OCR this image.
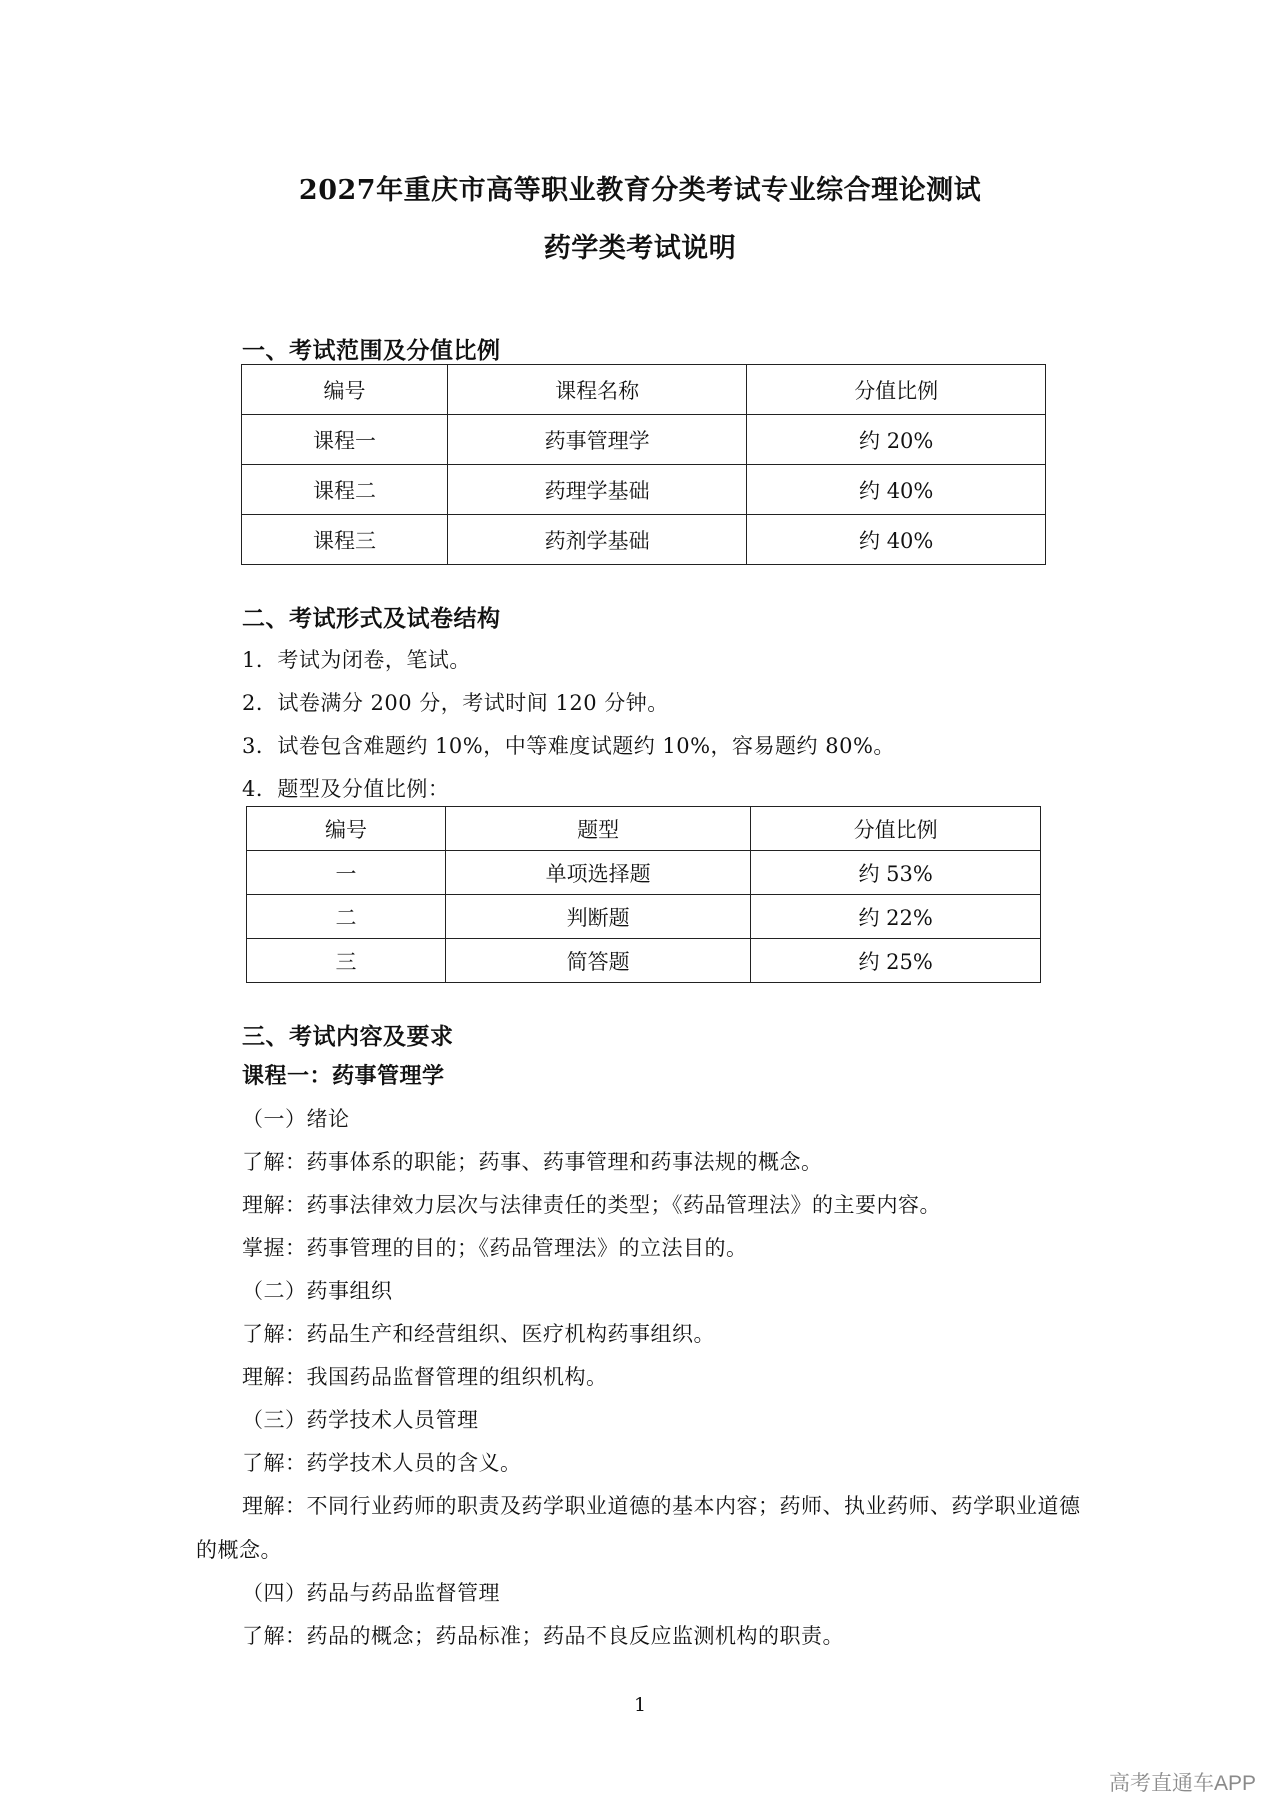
2027年重庆市高等职业教育分类考试专业综合理论测试
药学类考试说明
一、考试范围及分值比例
编号	课程名称	分值比例
课程一	药事管理学	约 20%
课程二	药理学基础	约 40%
课程三	药剂学基础	约 40%
二、考试形式及试卷结构
1．考试为闭卷，笔试。
2．试卷满分 200 分，考试时间 120 分钟。
3．试卷包含难题约 10%，中等难度试题约 10%，容易题约 80%。
4．题型及分值比例：
编号	题型	分值比例
一	单项选择题	约 53%
二	判断题	约 22%
三	简答题	约 25%
三、考试内容及要求
课程一：药事管理学
（一）绪论
了解：药事体系的职能；药事、药事管理和药事法规的概念。
理解：药事法律效力层次与法律责任的类型；《药品管理法》的主要内容。
掌握：药事管理的目的；《药品管理法》的立法目的。
（二）药事组织
了解：药品生产和经营组织、医疗机构药事组织。
理解：我国药品监督管理的组织机构。
（三）药学技术人员管理
了解：药学技术人员的含义。
理解：不同行业药师的职责及药学职业道德的基本内容；药师、执业药师、药学职业道德的概念。
（四）药品与药品监督管理
了解：药品的概念；药品标准；药品不良反应监测机构的职责。
1
高考直通车APP
